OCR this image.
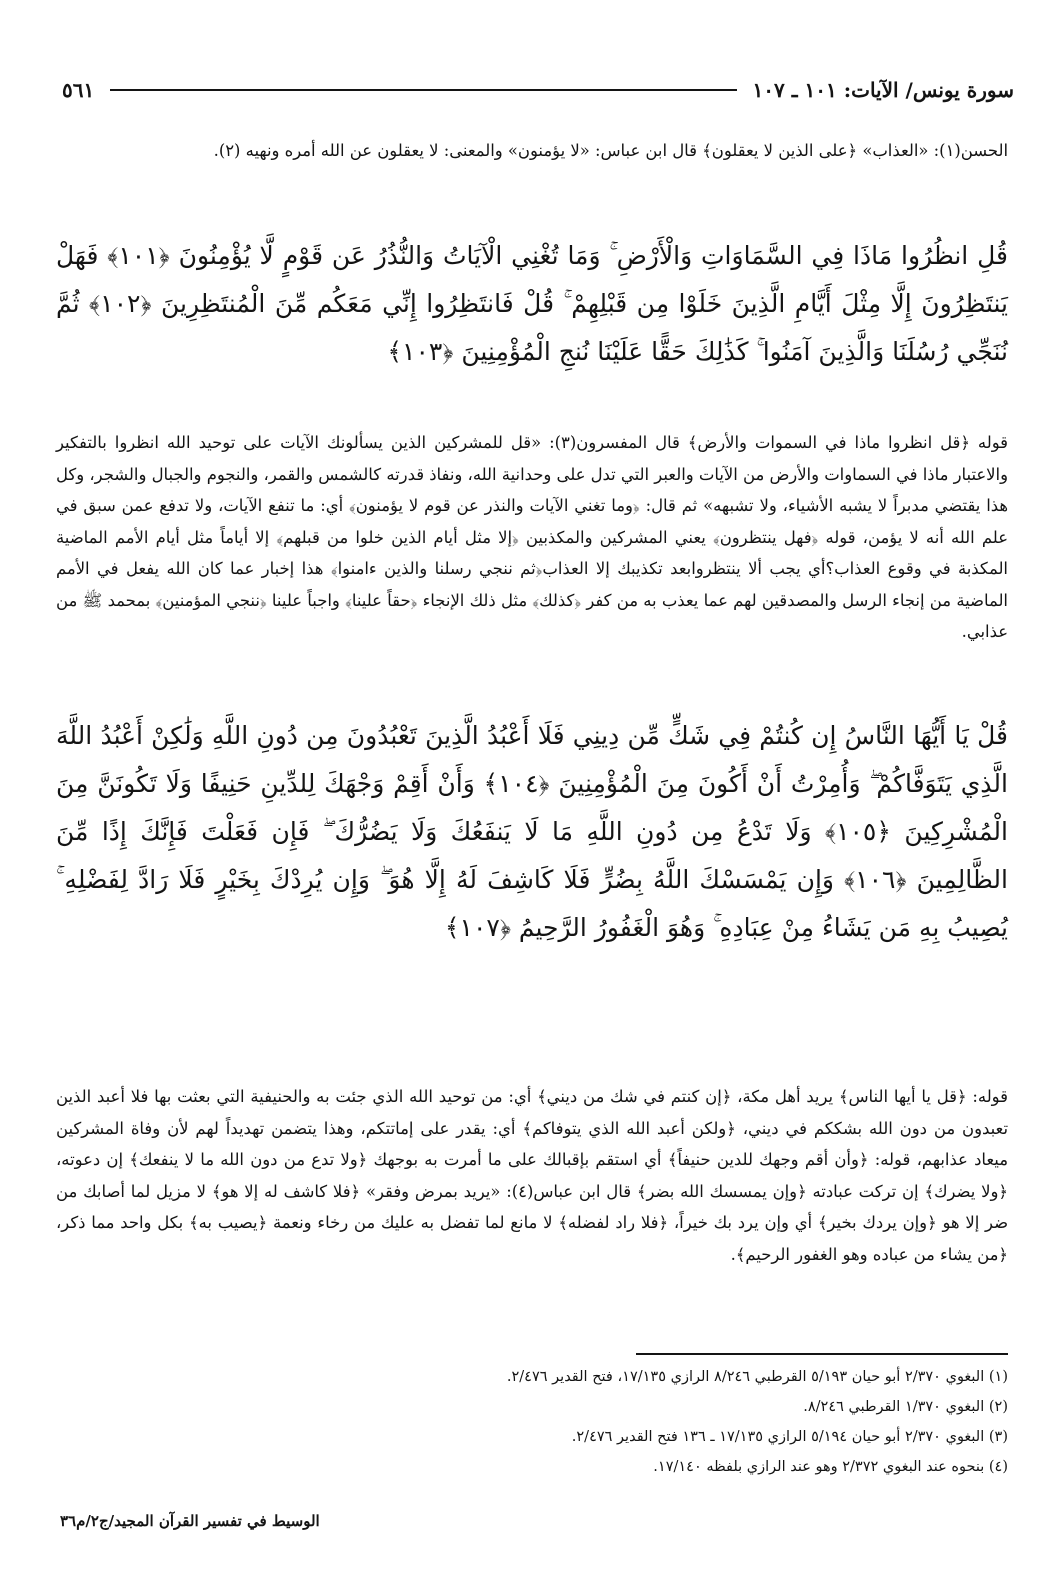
سورة يونس/ الآيات: ١٠١ ـ ١٠٧
٥٦١
الحسن(١): «العذاب» ﴿على الذين لا يعقلون﴾ قال ابن عباس: «لا يؤمنون» والمعنى: لا يعقلون عن الله أمره ونهيه (٢).
قُلِ انظُرُوا مَاذَا فِي السَّمَاوَاتِ وَالْأَرْضِ ۚ وَمَا تُغْنِي الْآيَاتُ وَالنُّذُرُ عَن قَوْمٍ لَّا يُؤْمِنُونَ ﴿١٠١﴾ فَهَلْ يَنتَظِرُونَ إِلَّا مِثْلَ أَيَّامِ الَّذِينَ خَلَوْا مِن قَبْلِهِمْ ۚ قُلْ فَانتَظِرُوا إِنِّي مَعَكُم مِّنَ الْمُنتَظِرِينَ ﴿١٠٢﴾ ثُمَّ نُنَجِّي رُسُلَنَا وَالَّذِينَ آمَنُوا ۚ كَذَٰلِكَ حَقًّا عَلَيْنَا نُنجِ الْمُؤْمِنِينَ ﴿١٠٣﴾
قوله ﴿قل انظروا ماذا في السموات والأرض﴾ قال المفسرون(٣): «قل للمشركين الذين يسألونك الآيات على توحيد الله انظروا بالتفكير والاعتبار ماذا في السماوات والأرض من الآيات والعبر التي تدل على وحدانية الله، ونفاذ قدرته كالشمس والقمر، والنجوم والجبال والشجر، وكل هذا يقتضي مدبراً لا يشبه الأشياء، ولا تشبهه» ثم قال: ﴿وما تغني الآيات والنذر عن قوم لا يؤمنون﴾ أي: ما تنفع الآيات، ولا تدفع عمن سبق في علم الله أنه لا يؤمن، قوله ﴿فهل ينتظرون﴾ يعني المشركين والمكذبين ﴿إلا مثل أيام الذين خلوا من قبلهم﴾ إلا أياماً مثل أيام الأمم الماضية المكذبة في وقوع العذاب؟أي يجب ألا ينتظروابعد تكذيبك إلا العذاب﴿ثم ننجي رسلنا والذين ءامنوا﴾ هذا إخبار عما كان الله يفعل في الأمم الماضية من إنجاء الرسل والمصدقين لهم عما يعذب به من كفر ﴿كذلك﴾ مثل ذلك الإنجاء ﴿حقاً علينا﴾ واجباً علينا ﴿ننجي المؤمنين﴾ بمحمد ﷺ من عذابي.
قُلْ يَا أَيُّهَا النَّاسُ إِن كُنتُمْ فِي شَكٍّ مِّن دِينِي فَلَا أَعْبُدُ الَّذِينَ تَعْبُدُونَ مِن دُونِ اللَّهِ وَلَٰكِنْ أَعْبُدُ اللَّهَ الَّذِي يَتَوَفَّاكُمْ ۖ وَأُمِرْتُ أَنْ أَكُونَ مِنَ الْمُؤْمِنِينَ ﴿١٠٤﴾ وَأَنْ أَقِمْ وَجْهَكَ لِلدِّينِ حَنِيفًا وَلَا تَكُونَنَّ مِنَ الْمُشْرِكِينَ ﴿١٠٥﴾ وَلَا تَدْعُ مِن دُونِ اللَّهِ مَا لَا يَنفَعُكَ وَلَا يَضُرُّكَ ۖ فَإِن فَعَلْتَ فَإِنَّكَ إِذًا مِّنَ الظَّالِمِينَ ﴿١٠٦﴾ وَإِن يَمْسَسْكَ اللَّهُ بِضُرٍّ فَلَا كَاشِفَ لَهُ إِلَّا هُوَ ۖ وَإِن يُرِدْكَ بِخَيْرٍ فَلَا رَادَّ لِفَضْلِهِ ۚ يُصِيبُ بِهِ مَن يَشَاءُ مِنْ عِبَادِهِ ۚ وَهُوَ الْغَفُورُ الرَّحِيمُ ﴿١٠٧﴾
قوله: ﴿قل يا أيها الناس﴾ يريد أهل مكة، ﴿إن كنتم في شك من ديني﴾ أي: من توحيد الله الذي جئت به والحنيفية التي بعثت بها فلا أعبد الذين تعبدون من دون الله بشككم في ديني، ﴿ولكن أعبد الله الذي يتوفاكم﴾ أي: يقدر على إماتتكم، وهذا يتضمن تهديداً لهم لأن وفاة المشركين ميعاد عذابهم، قوله: ﴿وأن أقم وجهك للدين حنيفاً﴾ أي استقم بإقبالك على ما أمرت به بوجهك ﴿ولا تدع من دون الله ما لا ينفعك﴾ إن دعوته، ﴿ولا يضرك﴾ إن تركت عبادته ﴿وإن يمسسك الله بضر﴾ قال ابن عباس(٤): «يريد بمرض وفقر» ﴿فلا كاشف له إلا هو﴾ لا مزيل لما أصابك من ضر إلا هو ﴿وإن يردك بخير﴾ أي وإن يرد بك خيراً، ﴿فلا راد لفضله﴾ لا مانع لما تفضل به عليك من رخاء ونعمة ﴿يصيب به﴾ بكل واحد مما ذكر، ﴿من يشاء من عباده وهو الغفور الرحيم﴾.
(١) البغوي ٢/٣٧٠ أبو حيان ٥/١٩٣ القرطبي ٨/٢٤٦ الرازي ١٧/١٣٥، فتح القدير ٢/٤٧٦.
(٢) البغوي ١/٣٧٠ القرطبي ٨/٢٤٦.
(٣) البغوي ٢/٣٧٠ أبو حيان ٥/١٩٤ الرازي ١٧/١٣٥ ـ ١٣٦ فتح القدير ٢/٤٧٦.
(٤) بنحوه عند البغوي ٢/٣٧٢ وهو عند الرازي بلفظه ١٧/١٤٠.
الوسيط في تفسير القرآن المجيد/ج٢/م٣٦
